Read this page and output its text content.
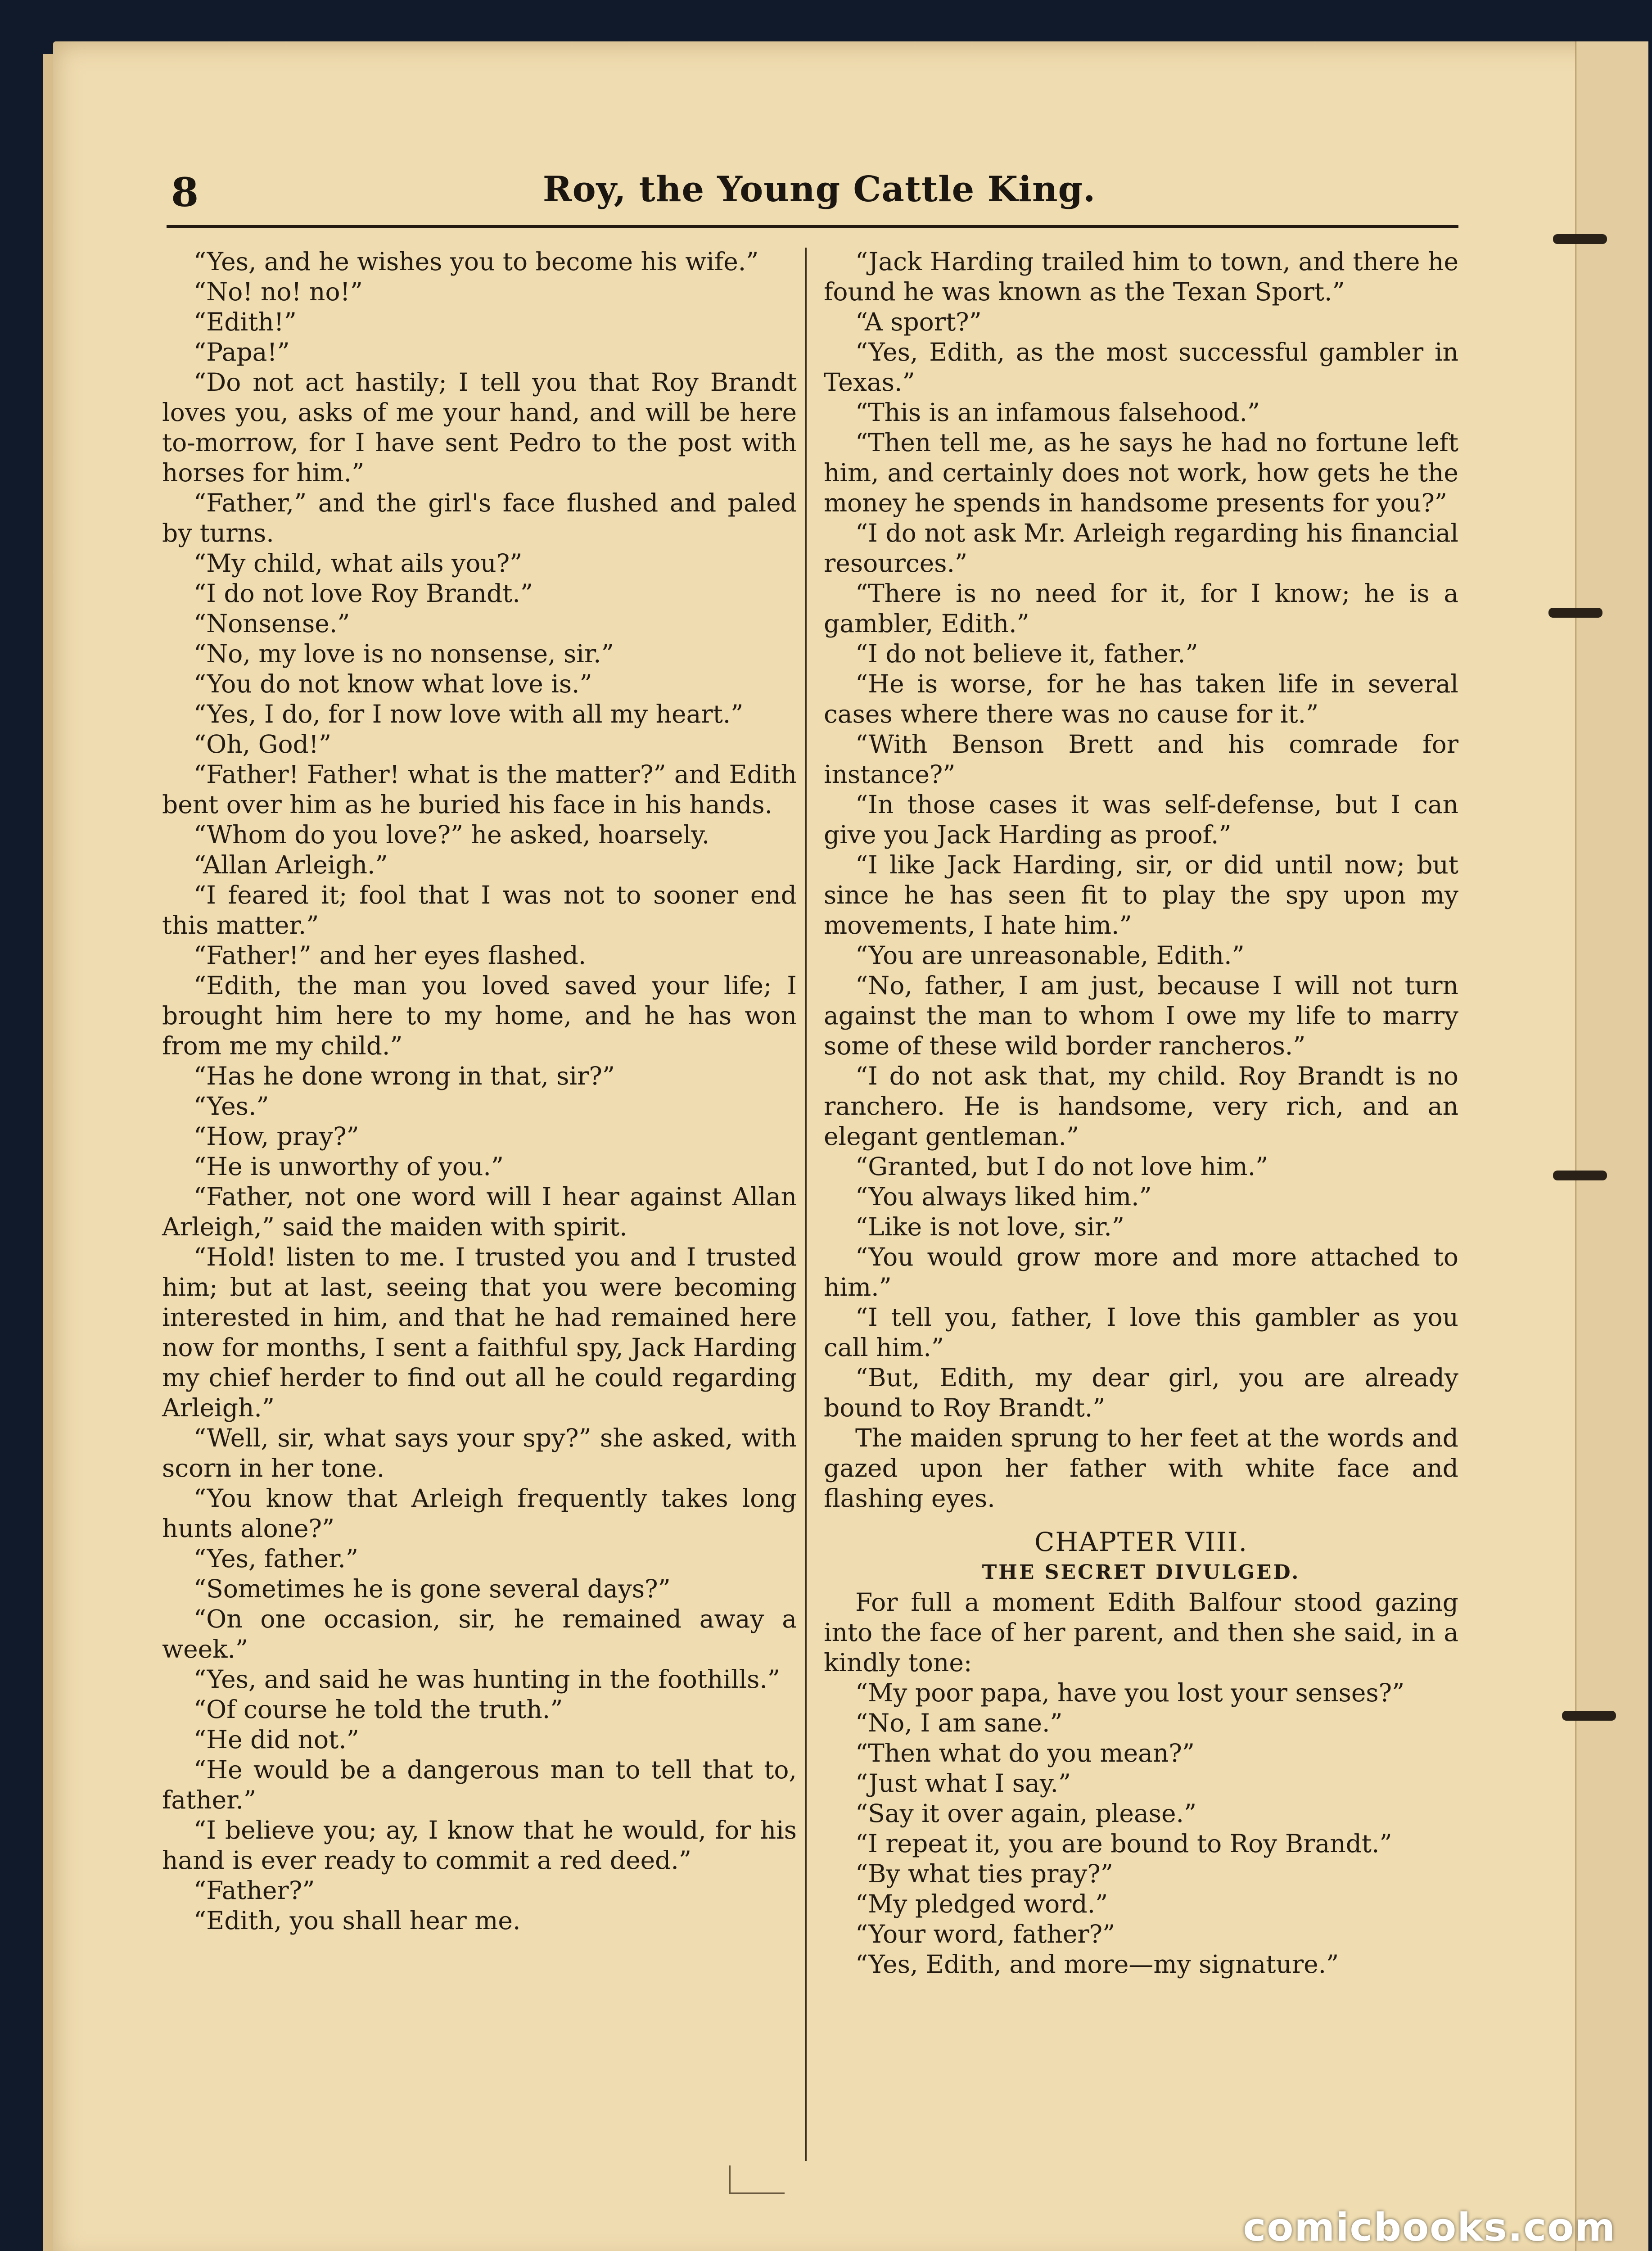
8	Roy, the Young Cattle King.

“Yes, and he wishes you to become his wife.”

“No! no! no!”

“Edith!”

“Papa!”

“Do not act hastily; I tell you that Roy Brandt loves you, asks of me your hand, and will be here to-morrow, for I have sent Pedro to the post with horses for him.”

“Father,” and the girl's face flushed and paled by turns.

“My child, what ails you?”

“I do not love Roy Brandt.”

“Nonsense.”

“No, my love is no nonsense, sir.”

“You do not know what love is.”

“Yes, I do, for I now love with all my heart.”

“Oh, God!”

“Father! Father! what is the matter?” and Edith bent over him as he buried his face in his hands.

“Whom do you love?” he asked, hoarsely.

“Allan Arleigh.”

“I feared it; fool that I was not to sooner end this matter.”

“Father!” and her eyes flashed.

“Edith, the man you loved saved your life; I brought him here to my home, and he has won from me my child.”

“Has he done wrong in that, sir?”

“Yes.”

“How, pray?”

“He is unworthy of you.”

“Father, not one word will I hear against Allan Arleigh,” said the maiden with spirit.

“Hold! listen to me. I trusted you and I trusted him; but at last, seeing that you were becoming interested in him, and that he had remained here now for months, I sent a faithful spy, Jack Harding my chief herder to find out all he could regarding Arleigh.”

“Well, sir, what says your spy?” she asked, with scorn in her tone.

“You know that Arleigh frequently takes long hunts alone?”

“Yes, father.”

“Sometimes he is gone several days?”

“On one occasion, sir, he remained away a week.”

“Yes, and said he was hunting in the foothills.”

“Of course he told the truth.”

“He did not.”

“He would be a dangerous man to tell that to, father.”

“I believe you; ay, I know that he would, for his hand is ever ready to commit a red deed.”

“Father?”

“Edith, you shall hear me.

“Jack Harding trailed him to town, and there he found he was known as the Texan Sport.”

“A sport?”

“Yes, Edith, as the most successful gambler in Texas.”

“This is an infamous falsehood.”

“Then tell me, as he says he had no fortune left him, and certainly does not work, how gets he the money he spends in handsome presents for you?”

“I do not ask Mr. Arleigh regarding his financial resources.”

“There is no need for it, for I know; he is a gambler, Edith.”

“I do not believe it, father.”

“He is worse, for he has taken life in several cases where there was no cause for it.”

“With Benson Brett and his comrade for instance?”

“In those cases it was self-defense, but I can give you Jack Harding as proof.”

“I like Jack Harding, sir, or did until now; but since he has seen fit to play the spy upon my movements, I hate him.”

“You are unreasonable, Edith.”

“No, father, I am just, because I will not turn against the man to whom I owe my life to marry some of these wild border rancheros.”

“I do not ask that, my child. Roy Brandt is no ranchero. He is handsome, very rich, and an elegant gentleman.”

“Granted, but I do not love him.”

“You always liked him.”

“Like is not love, sir.”

“You would grow more and more attached to him.”

“I tell you, father, I love this gambler as you call him.”

“But, Edith, my dear girl, you are already bound to Roy Brandt.”

The maiden sprung to her feet at the words and gazed upon her father with white face and flashing eyes.

CHAPTER VIII.

THE SECRET DIVULGED.

For full a moment Edith Balfour stood gazing into the face of her parent, and then she said, in a kindly tone:

“My poor papa, have you lost your senses?”

“No, I am sane.”

“Then what do you mean?”

“Just what I say.”

“Say it over again, please.”

“I repeat it, you are bound to Roy Brandt.”

“By what ties pray?”

“My pledged word.”

“Your word, father?”

“Yes, Edith, and more—my signature.”

comicbooks.com
